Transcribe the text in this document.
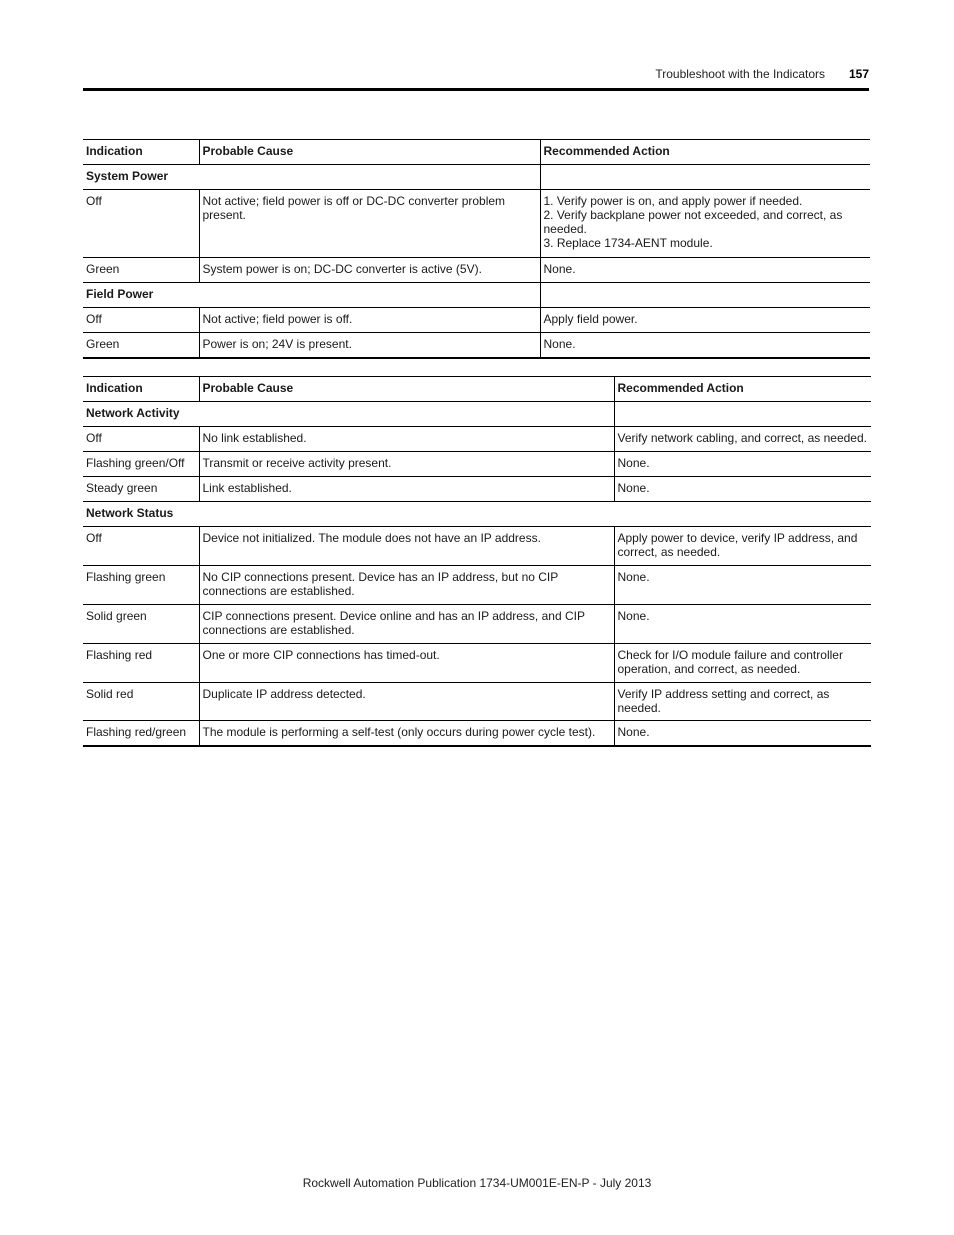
Troubleshoot with the Indicators 157
Indication	Probable Cause	Recommended Action
System Power		
Off	Not active; field power is off or DC-DC converter problem present.	1. Verify power is on, and apply power if needed.
2. Verify backplane power not exceeded, and correct, as needed.
3. Replace 1734-AENT module.
Green	System power is on; DC-DC converter is active (5V).	None.
Field Power		
Off	Not active; field power is off.	Apply field power.
Green	Power is on; 24V is present.	None.
Indication	Probable Cause	Recommended Action
Network Activity		
Off	No link established.	Verify network cabling, and correct, as needed.
Flashing green/Off	Transmit or receive activity present.	None.
Steady green	Link established.	None.
Network Status		
Off	Device not initialized. The module does not have an IP address.	Apply power to device, verify IP address, and correct, as needed.
Flashing green	No CIP connections present. Device has an IP address, but no CIP connections are established.	None.
Solid green	CIP connections present. Device online and has an IP address, and CIP connections are established.	None.
Flashing red	One or more CIP connections has timed-out.	Check for I/O module failure and controller operation, and correct, as needed.
Solid red	Duplicate IP address detected.	Verify IP address setting and correct, as needed.
Flashing red/green	The module is performing a self-test (only occurs during power cycle test).	None.
Rockwell Automation Publication 1734-UM001E-EN-P - July 2013
